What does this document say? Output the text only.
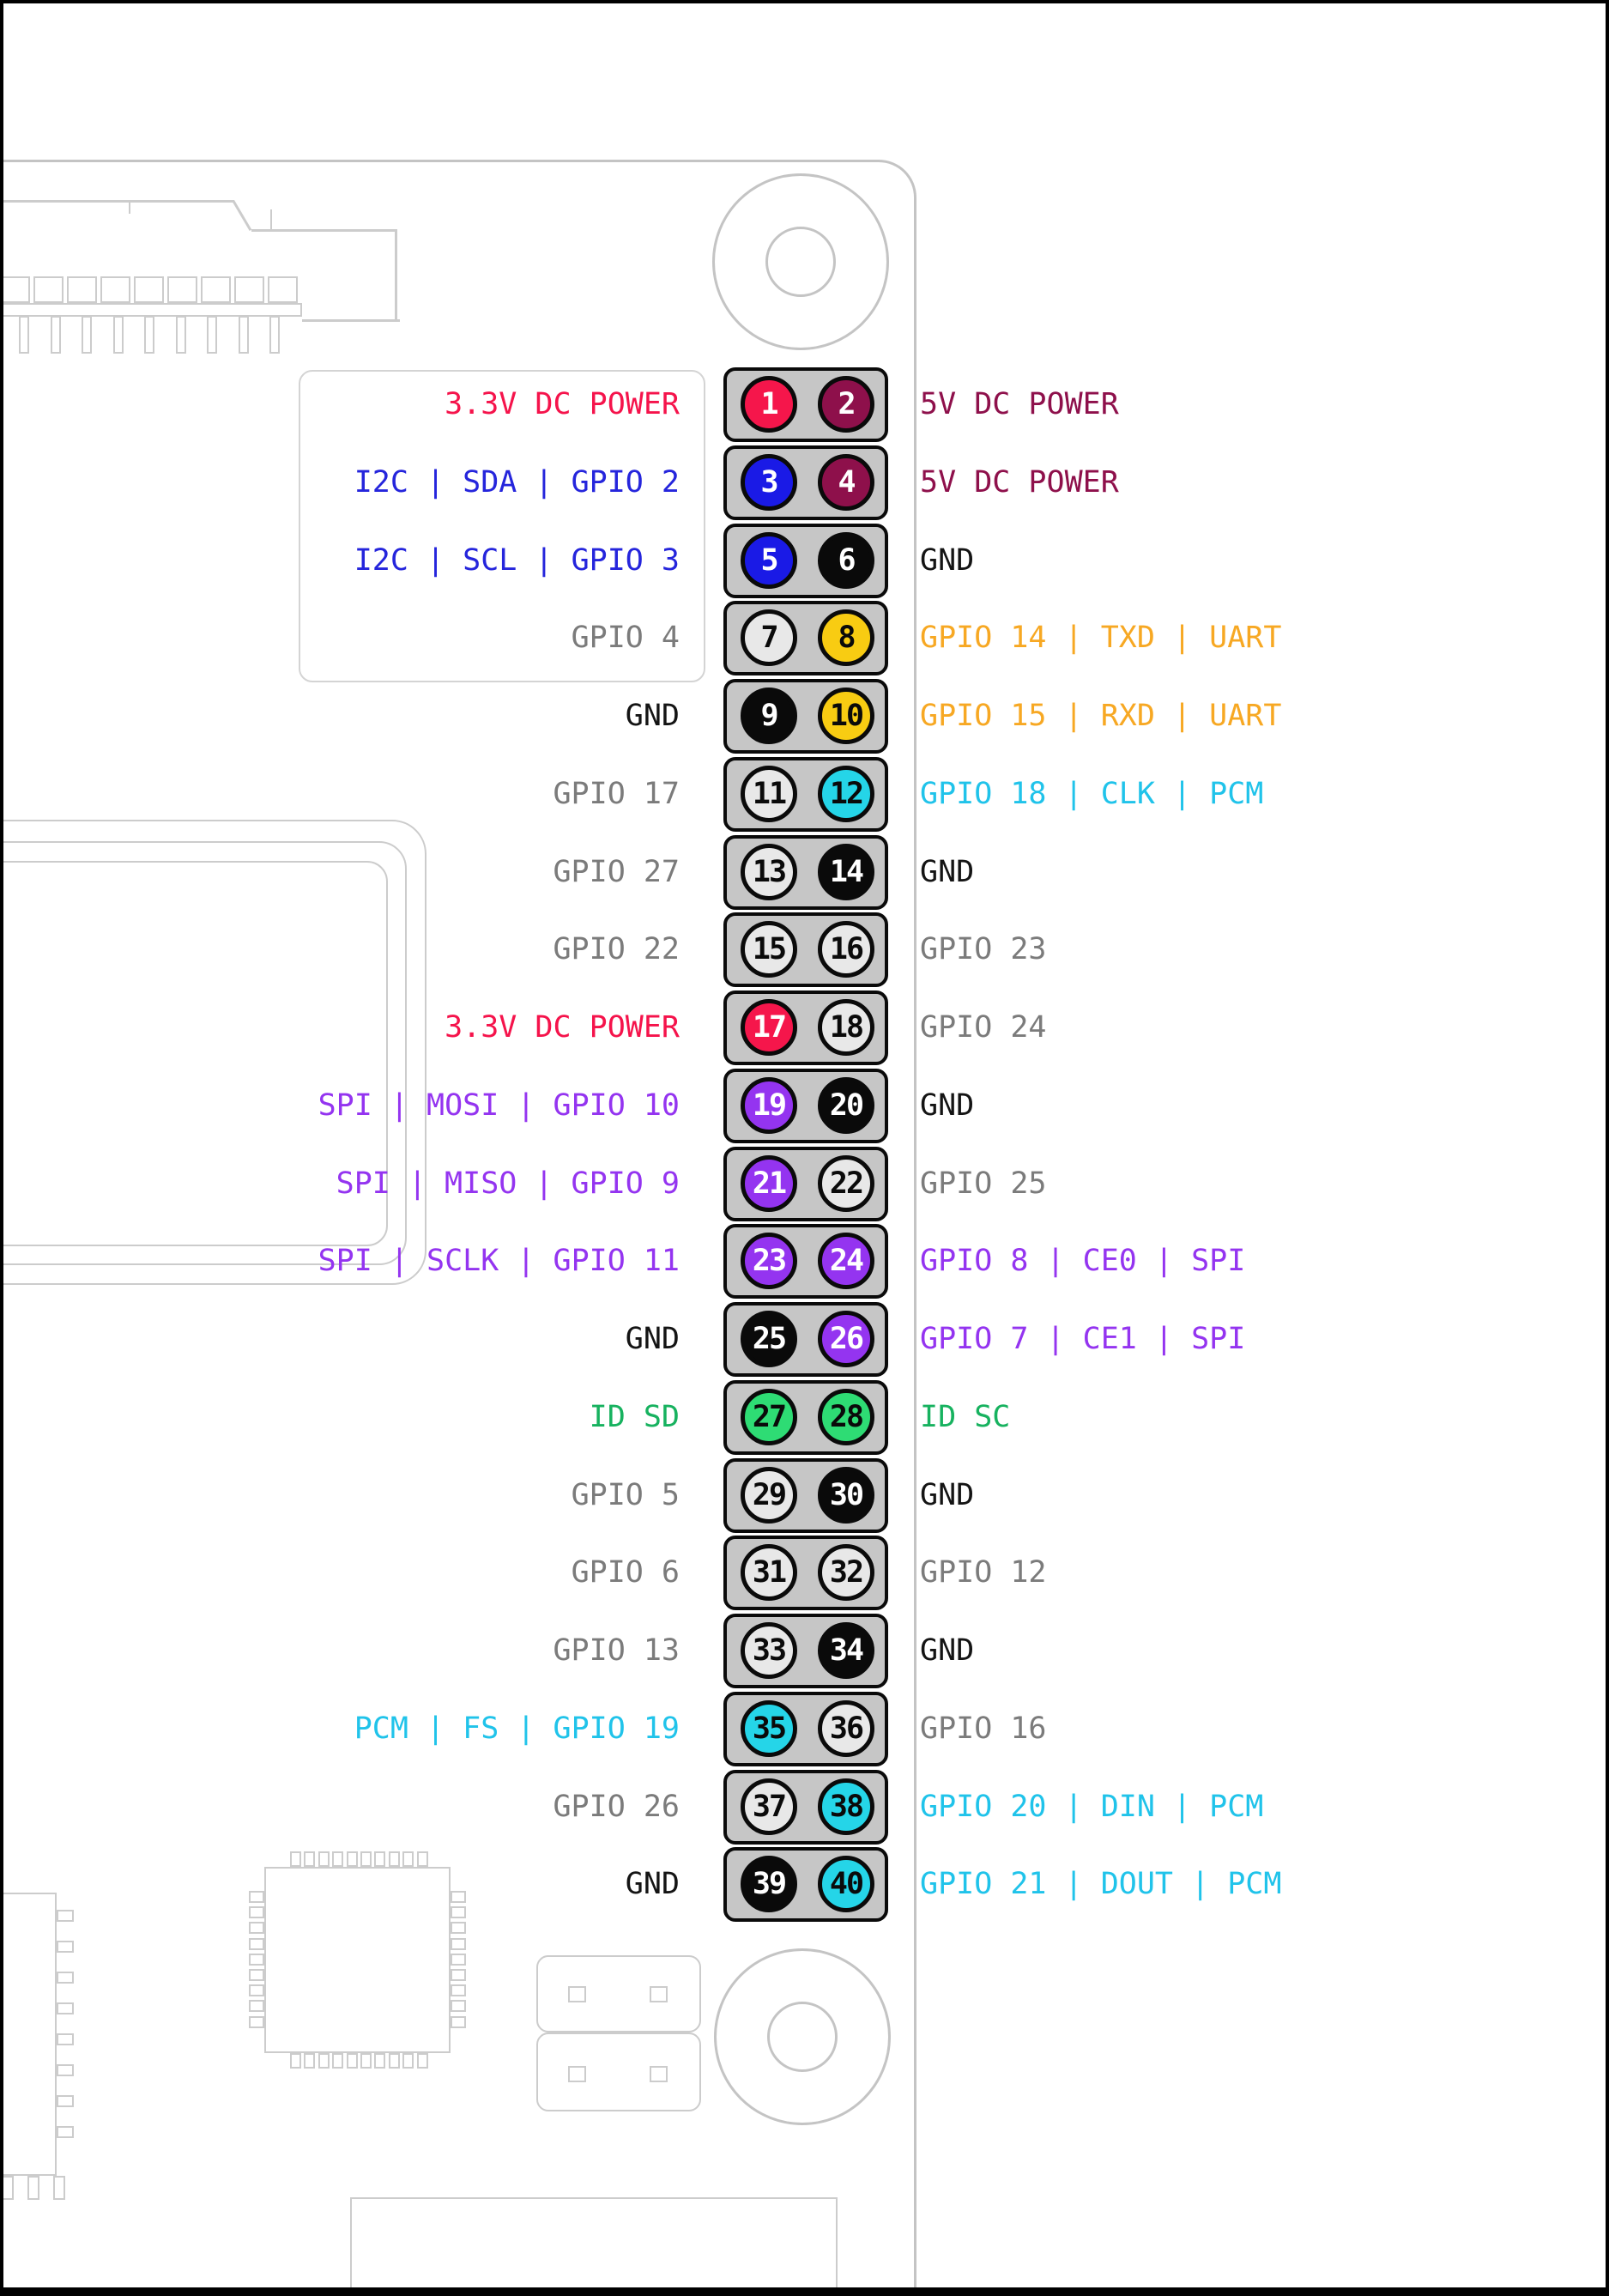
3.3V DC POWER
I2C | SDA | GPIO 2
I2C | SCL | GPIO 3
GPIO 4
GND
GPIO 17
GPIO 27
GPIO 22
3.3V DC POWER
SPI | MOSI | GPIO 10
SPI | MISO | GPIO 9
SPI | SCLK | GPIO 11
GND
ID SD
GPIO 5
GPIO 6
GPIO 13
PCM | FS | GPIO 19
GPIO 26
GND
5V DC POWER
5V DC POWER
GND
GPIO 14 | TXD | UART
GPIO 15 | RXD | UART
GPIO 18 | CLK | PCM
GND
GPIO 23
GPIO 24
GND
GPIO 25
GPIO 8 | CE0 | SPI
GPIO 7 | CE1 | SPI
ID SC
GND
GPIO 12
GND
GPIO 16
GPIO 20 | DIN | PCM
GPIO 21 | DOUT | PCM
1 2
3 4
5 6
7 8
9 10
11 12
13 14
15 16
17 18
19 20
21 22
23 24
25 26
27 28
29 30
31 32
33 34
35 36
37 38
39 40
